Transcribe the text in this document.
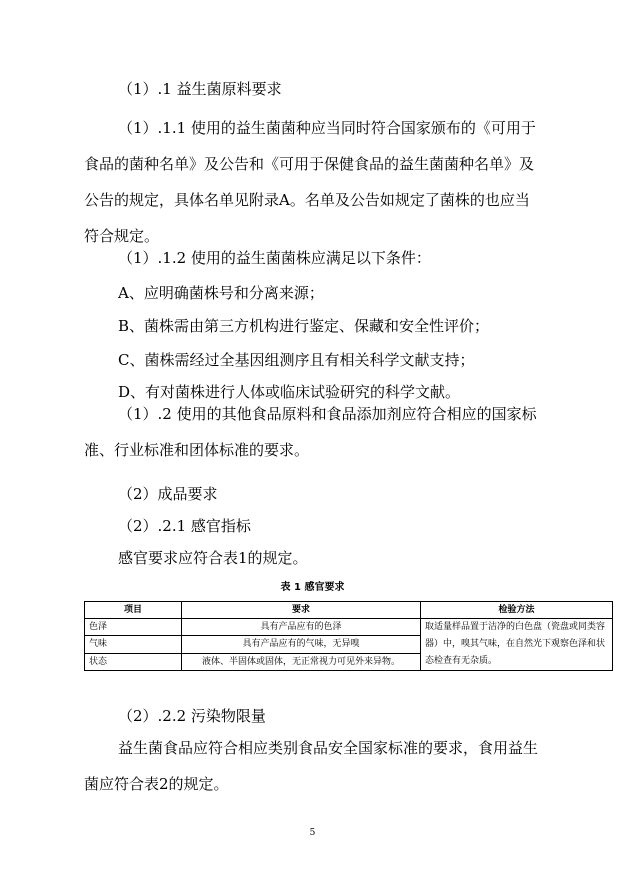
（1）.1 益生菌原料要求
（1）.1.1 使用的益生菌菌种应当同时符合国家颁布的《可用于食品的菌种名单》及公告和《可用于保健食品的益生菌菌种名单》及公告的规定，具体名单见附录A。名单及公告如规定了菌株的也应当符合规定。
（1）.1.2 使用的益生菌菌株应满足以下条件：
A、应明确菌株号和分离来源；
B、菌株需由第三方机构进行鉴定、保藏和安全性评价；
C、菌株需经过全基因组测序且有相关科学文献支持；
D、有对菌株进行人体或临床试验研究的科学文献。
（1）.2 使用的其他食品原料和食品添加剂应符合相应的国家标准、行业标准和团体标准的要求。
（2）成品要求
（2）.2.1 感官指标
感官要求应符合表1的规定。
表 1 感官要求
项目	要求	检验方法
色泽	具有产品应有的色泽	取适量样品置于洁净的白色盘（瓷盘或同类容器）中，嗅其气味，在自然光下观察色泽和状态检查有无杂质。
气味	具有产品应有的气味，无异嗅	
状态	液体、半固体或固体，无正常视力可见外来异物。	
（2）.2.2 污染物限量
益生菌食品应符合相应类别食品安全国家标准的要求，食用益生菌应符合表2的规定。
5
